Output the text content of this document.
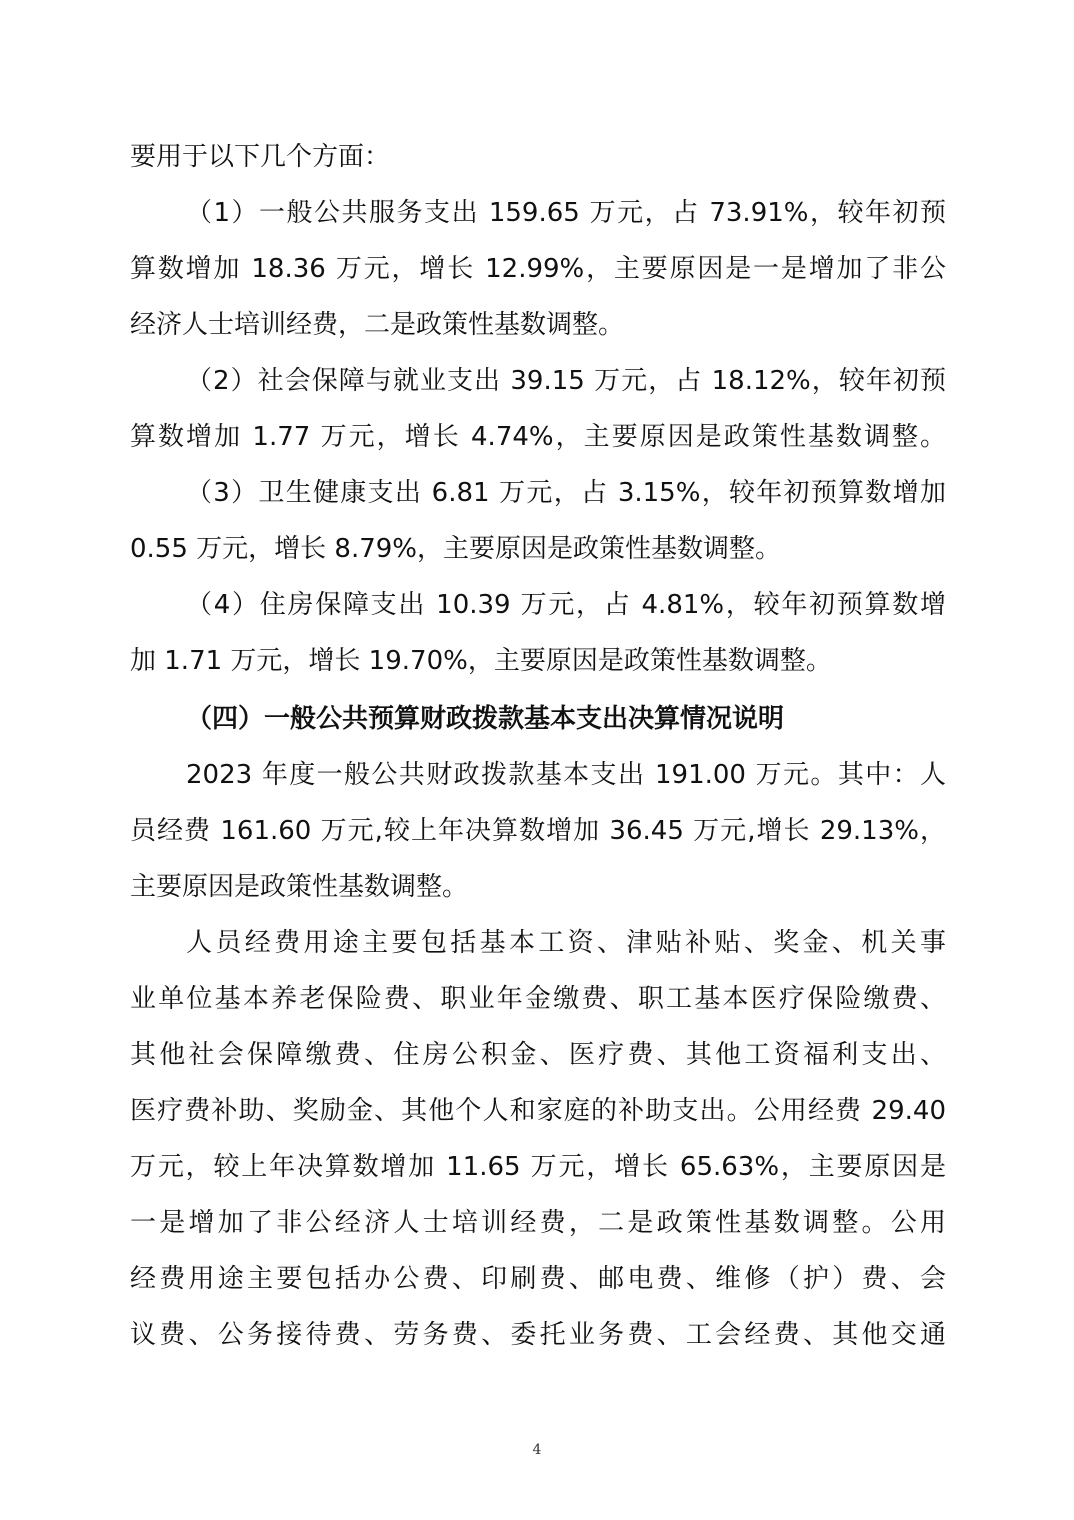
要用于以下几个方面：
（1）一般公共服务支出 159.65 万元，占 73.91%，较年初预
算数增加 18.36 万元，增长 12.99%，主要原因是一是增加了非公
经济人士培训经费，二是政策性基数调整。
（2）社会保障与就业支出 39.15 万元，占 18.12%，较年初预
算数增加 1.77 万元，增长 4.74%，主要原因是政策性基数调整。
（3）卫生健康支出 6.81 万元，占 3.15%，较年初预算数增加
0.55 万元，增长 8.79%，主要原因是政策性基数调整。
（4）住房保障支出 10.39 万元，占 4.81%，较年初预算数增
加 1.71 万元，增长 19.70%，主要原因是政策性基数调整。
（四）一般公共预算财政拨款基本支出决算情况说明
2023 年度一般公共财政拨款基本支出 191.00 万元。其中：人
员经费 161.60 万元,较上年决算数增加 36.45 万元,增长 29.13%，
主要原因是政策性基数调整。
人员经费用途主要包括基本工资、津贴补贴、奖金、机关事
业单位基本养老保险费、职业年金缴费、职工基本医疗保险缴费、
其他社会保障缴费、住房公积金、医疗费、其他工资福利支出、
医疗费补助、奖励金、其他个人和家庭的补助支出。公用经费 29.40
万元，较上年决算数增加 11.65 万元，增长 65.63%，主要原因是
一是增加了非公经济人士培训经费，二是政策性基数调整。公用
经费用途主要包括办公费、印刷费、邮电费、维修（护）费、会
议费、公务接待费、劳务费、委托业务费、工会经费、其他交通
4
